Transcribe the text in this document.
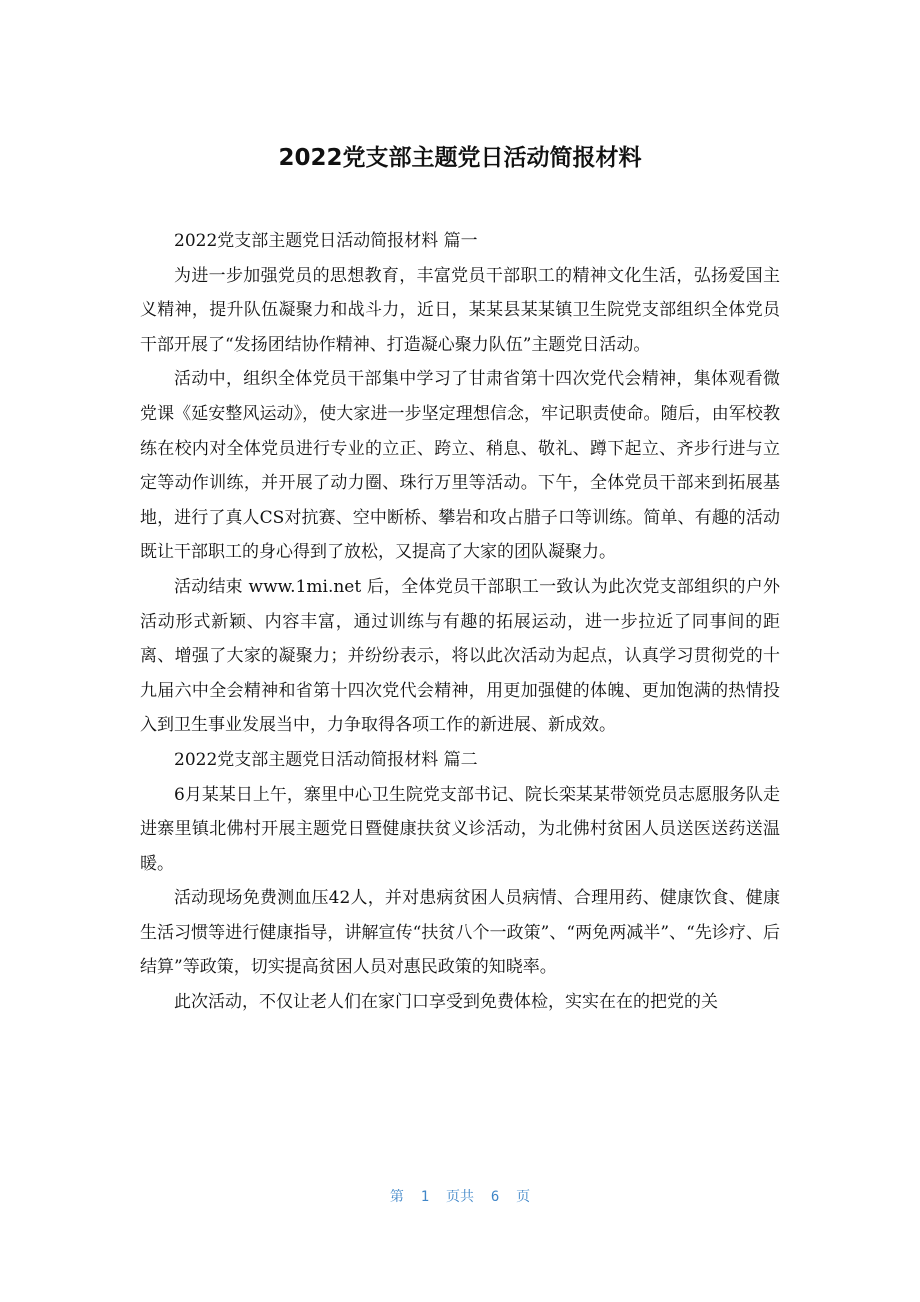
2022党支部主题党日活动简报材料

2022党支部主题党日活动简报材料 篇一

为进一步加强党员的思想教育，丰富党员干部职工的精神文化生活，弘扬爱国主义精神，提升队伍凝聚力和战斗力，近日，某某县某某镇卫生院党支部组织全体党员干部开展了“发扬团结协作精神、打造凝心聚力队伍”主题党日活动。

活动中，组织全体党员干部集中学习了甘肃省第十四次党代会精神，集体观看微党课《延安整风运动》，使大家进一步坚定理想信念，牢记职责使命。随后，由军校教练在校内对全体党员进行专业的立正、跨立、稍息、敬礼、蹲下起立、齐步行进与立定等动作训练，并开展了动力圈、珠行万里等活动。下午，全体党员干部来到拓展基地，进行了真人CS对抗赛、空中断桥、攀岩和攻占腊子口等训练。简单、有趣的活动既让干部职工的身心得到了放松，又提高了大家的团队凝聚力。

活动结束 www.1mi.net 后，全体党员干部职工一致认为此次党支部组织的户外活动形式新颖、内容丰富，通过训练与有趣的拓展运动，进一步拉近了同事间的距离、增强了大家的凝聚力；并纷纷表示，将以此次活动为起点，认真学习贯彻党的十九届六中全会精神和省第十四次党代会精神，用更加强健的体魄、更加饱满的热情投入到卫生事业发展当中，力争取得各项工作的新进展、新成效。

2022党支部主题党日活动简报材料 篇二

6月某某日上午，寨里中心卫生院党支部书记、院长栾某某带领党员志愿服务队走进寨里镇北佛村开展主题党日暨健康扶贫义诊活动，为北佛村贫困人员送医送药送温暖。

活动现场免费测血压42人，并对患病贫困人员病情、合理用药、健康饮食、健康生活习惯等进行健康指导，讲解宣传“扶贫八个一政策”、“两免两减半”、“先诊疗、后结算”等政策，切实提高贫困人员对惠民政策的知晓率。

此次活动，不仅让老人们在家门口享受到免费体检，实实在在的把党的关

第  1  页共  6  页
